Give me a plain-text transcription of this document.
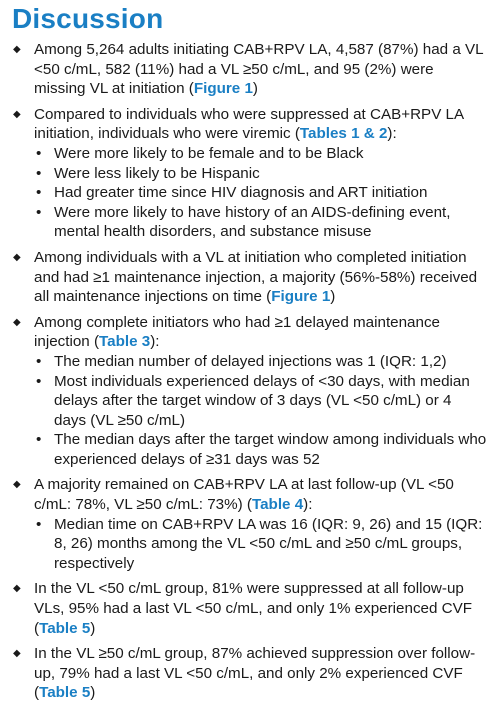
Discussion
◆ Among 5,264 adults initiating CAB+RPV LA, 4,587 (87%) had a VL <50 c/mL, 582 (11%) had a VL ≥50 c/mL, and 95 (2%) were missing VL at initiation (Figure 1)
◆ Compared to individuals who were suppressed at CAB+RPV LA initiation, individuals who were viremic (Tables 1 & 2):
• Were more likely to be female and to be Black
• Were less likely to be Hispanic
• Had greater time since HIV diagnosis and ART initiation
• Were more likely to have history of an AIDS-defining event, mental health disorders, and substance misuse
◆ Among individuals with a VL at initiation who completed initiation and had ≥1 maintenance injection, a majority (56%-58%) received all maintenance injections on time (Figure 1)
◆ Among complete initiators who had ≥1 delayed maintenance injection (Table 3):
• The median number of delayed injections was 1 (IQR: 1,2)
• Most individuals experienced delays of <30 days, with median delays after the target window of 3 days (VL <50 c/mL) or 4 days (VL ≥50 c/mL)
• The median days after the target window among individuals who experienced delays of ≥31 days was 52
◆ A majority remained on CAB+RPV LA at last follow-up (VL <50 c/mL: 78%, VL ≥50 c/mL: 73%) (Table 4):
• Median time on CAB+RPV LA was 16 (IQR: 9, 26) and 15 (IQR: 8, 26) months among the VL <50 c/mL and ≥50 c/mL groups, respectively
◆ In the VL <50 c/mL group, 81% were suppressed at all follow-up VLs, 95% had a last VL <50 c/mL, and only 1% experienced CVF (Table 5)
◆ In the VL ≥50 c/mL group, 87% achieved suppression over follow-up, 79% had a last VL <50 c/mL, and only 2% experienced CVF (Table 5)
